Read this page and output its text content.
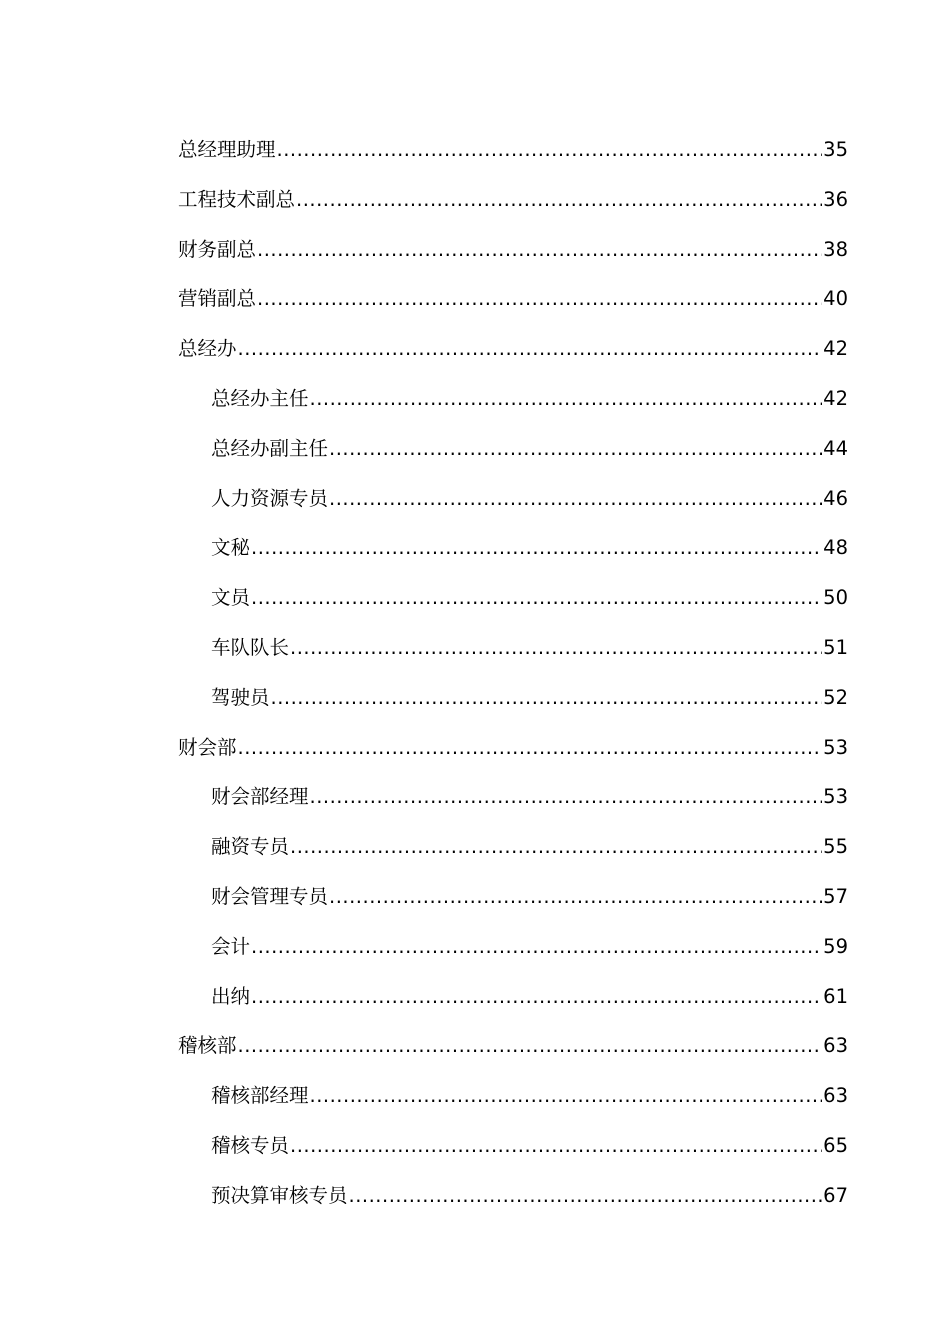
总经理助理 .....	35
工程技术副总 .....	36
财务副总 .....	38
营销副总 .....	40
总经办 .....	42
总经办主任 .....	42
总经办副主任 .....	44
人力资源专员 .....	46
文秘 .....	48
文员 .....	50
车队队长 .....	51
驾驶员 .....	52
财会部 .....	53
财会部经理 .....	53
融资专员 .....	55
财会管理专员 .....	57
会计 .....	59
出纳 .....	61
稽核部 .....	63
稽核部经理 .....	63
稽核专员 .....	65
预决算审核专员 .....	67
